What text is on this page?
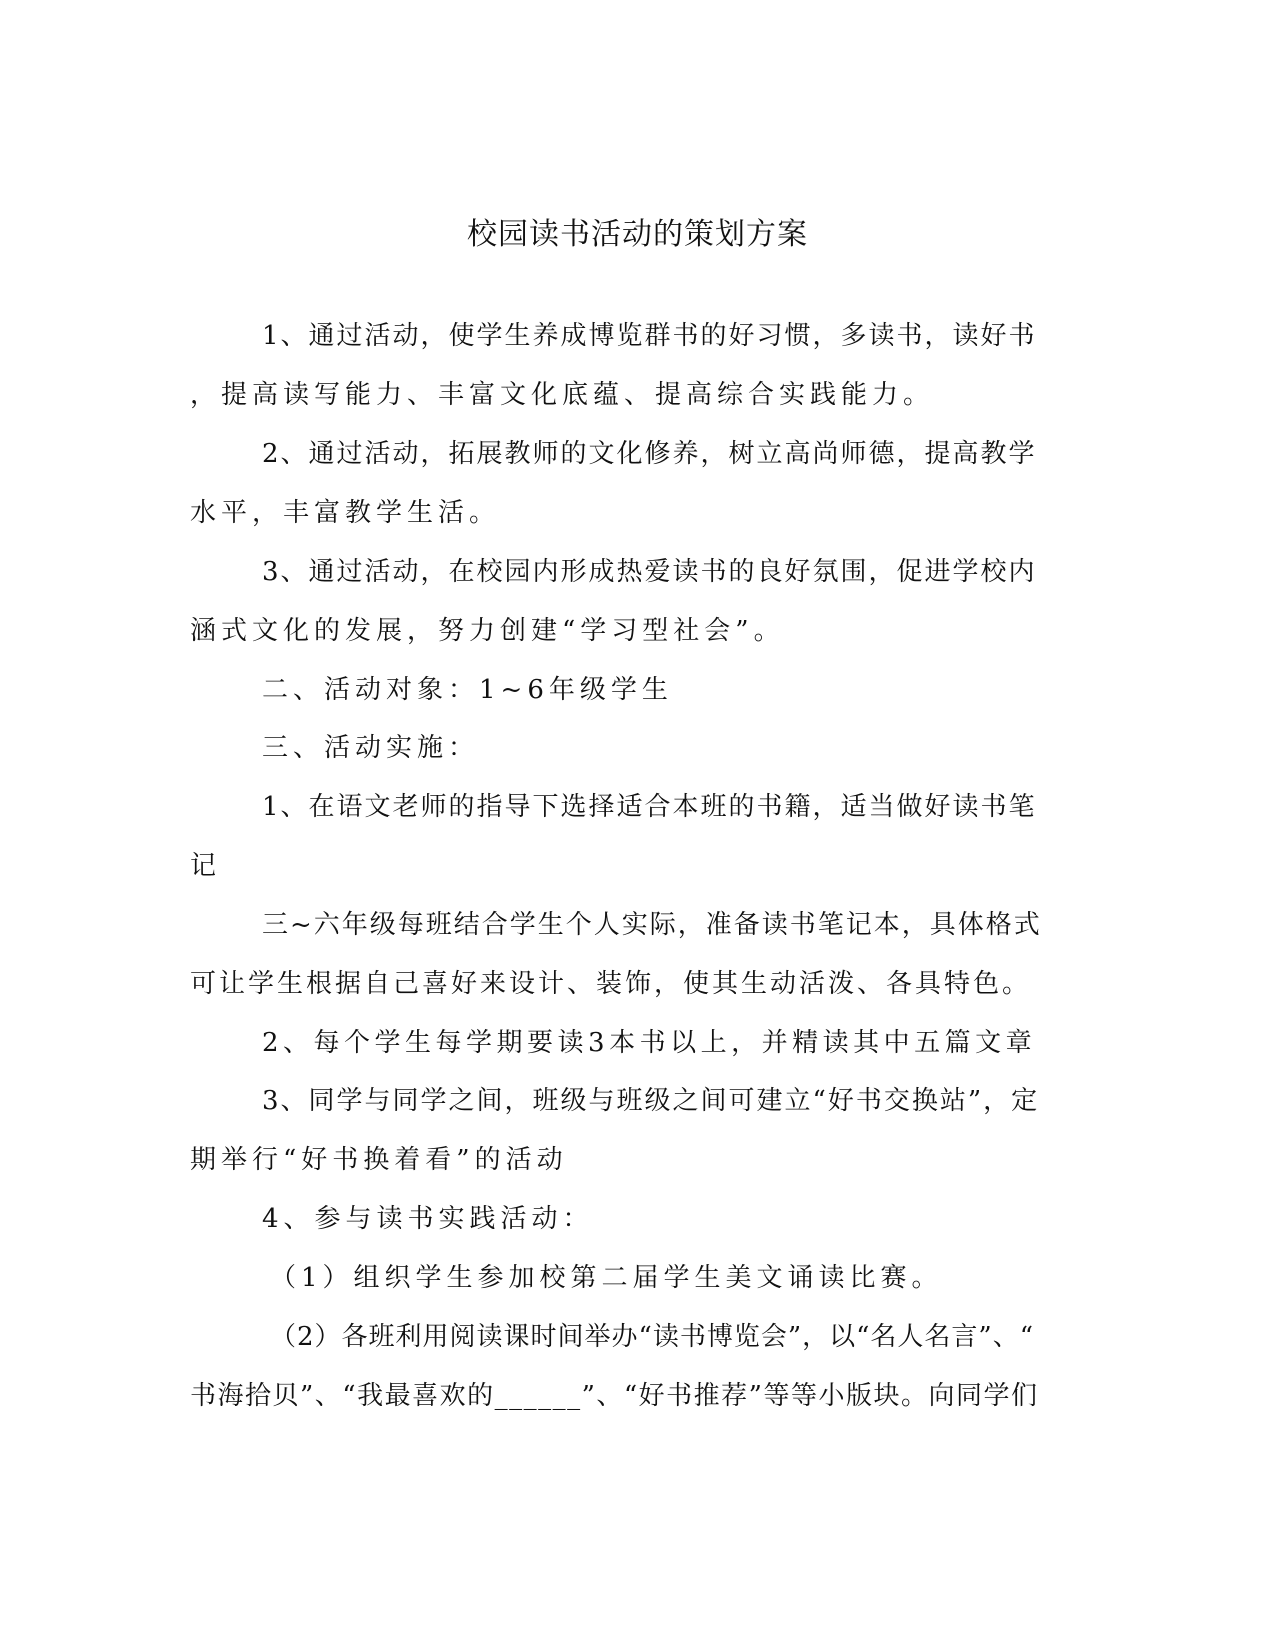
校园读书活动的策划方案
1、通过活动，使学生养成博览群书的好习惯，多读书，读好书
，提高读写能力、丰富文化底蕴、提高综合实践能力。
2、通过活动，拓展教师的文化修养，树立高尚师德，提高教学
水平，丰富教学生活。
3、通过活动，在校园内形成热爱读书的良好氛围，促进学校内
涵式文化的发展，努力创建“学习型社会”。
二、活动对象：1~6年级学生
三、活动实施：
1、在语文老师的指导下选择适合本班的书籍，适当做好读书笔
记
三~六年级每班结合学生个人实际，准备读书笔记本，具体格式
可让学生根据自己喜好来设计、装饰，使其生动活泼、各具特色。
2、每个学生每学期要读3本书以上，并精读其中五篇文章
3、同学与同学之间，班级与班级之间可建立“好书交换站”，定
期举行“好书换着看”的活动
4、参与读书实践活动：
（1）组织学生参加校第二届学生美文诵读比赛。
（2）各班利用阅读课时间举办“读书博览会”，以“名人名言”、“
书海拾贝”、“我最喜欢的______”、“好书推荐”等等小版块。向同学们
